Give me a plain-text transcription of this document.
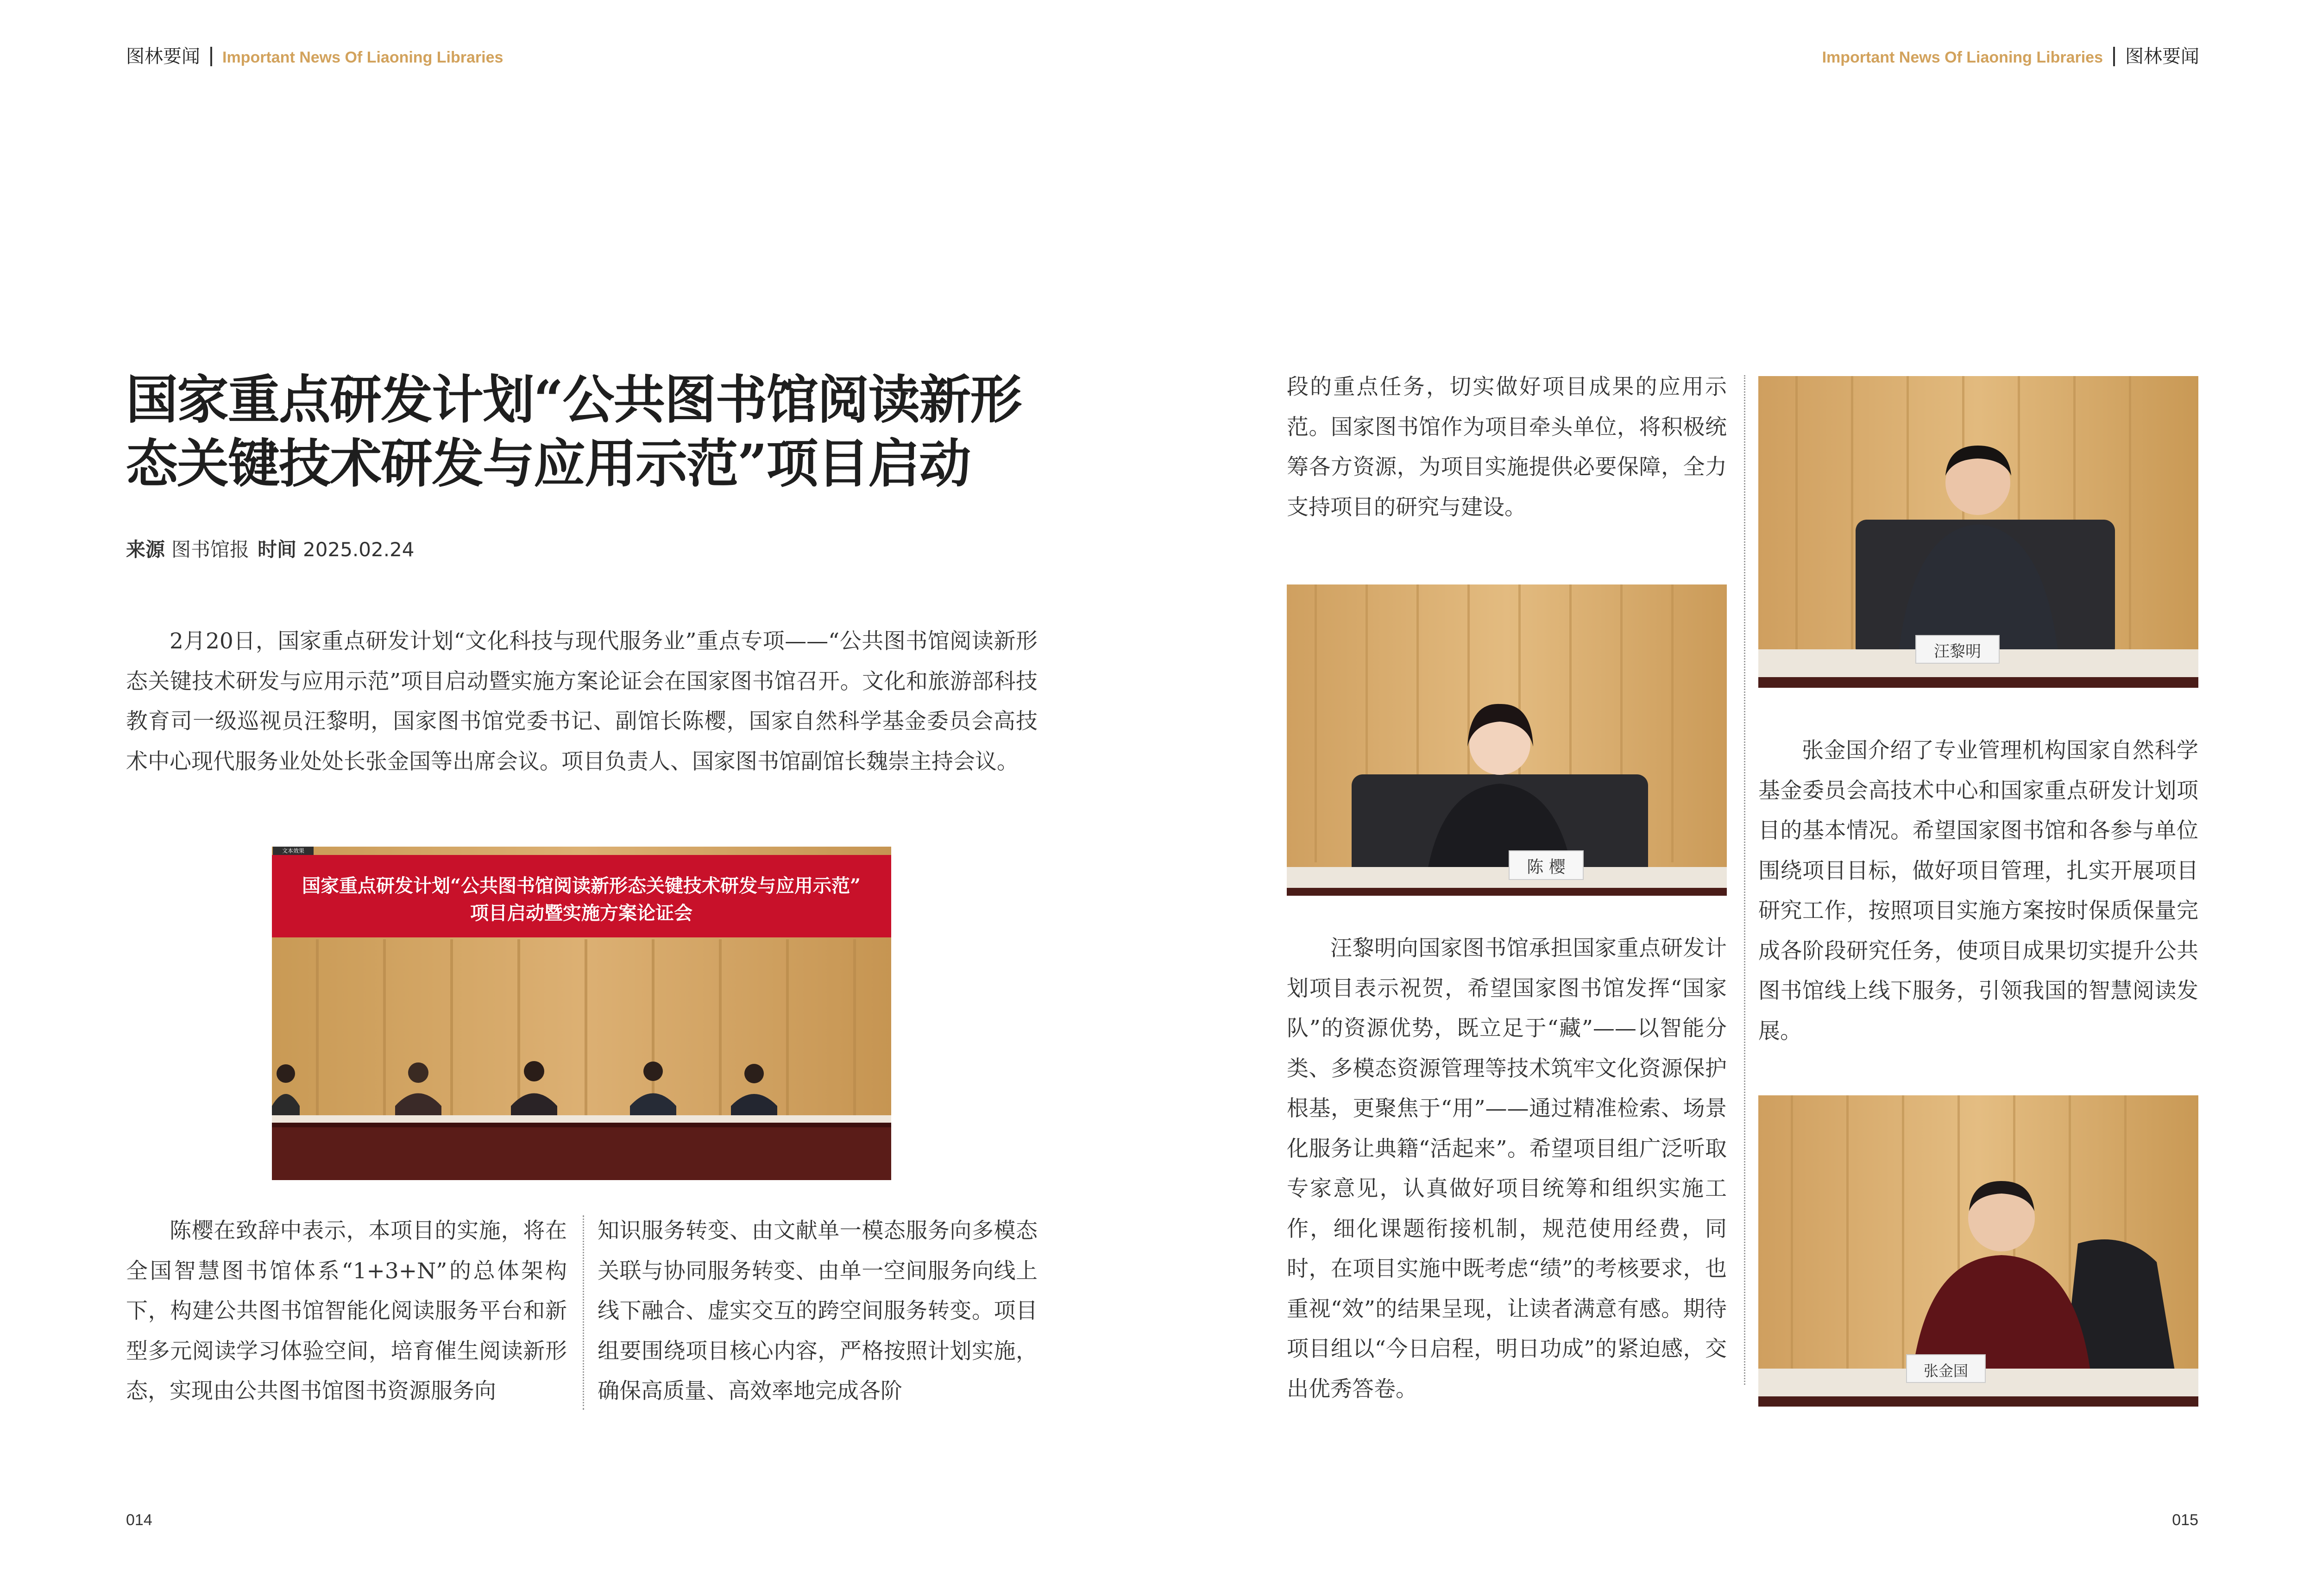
图林要闻 Important News Of Liaoning Libraries	Important News Of Liaoning Libraries 图林要闻
国家重点研发计划“公共图书馆阅读新形态关键技术研发与应用示范”项目启动
来源 图书馆报 时间 2025.02.24

2月20日，国家重点研发计划“文化科技与现代服务业”重点专项——“公共图书馆阅读新形态关键技术研发与应用示范”项目启动暨实施方案论证会在国家图书馆召开。文化和旅游部科技教育司一级巡视员汪黎明，国家图书馆党委书记、副馆长陈樱，国家自然科学基金委员会高技术中心现代服务业处处长张金国等出席会议。项目负责人、国家图书馆副馆长魏崇主持会议。

文本效果
国家重点研发计划“公共图书馆阅读新形态关键技术研发与应用示范”
项目启动暨实施方案论证会

陈樱在致辞中表示，本项目的实施，将在全国智慧图书馆体系“1+3+N”的总体架构下，构建公共图书馆智能化阅读服务平台和新型多元阅读学习体验空间，培育催生阅读新形态，实现由公共图书馆图书资源服务向

知识服务转变、由文献单一模态服务向多模态关联与协同服务转变、由单一空间服务向线上线下融合、虚实交互的跨空间服务转变。项目组要围绕项目核心内容，严格按照计划实施，确保高质量、高效率地完成各阶

段的重点任务，切实做好项目成果的应用示范。国家图书馆作为项目牵头单位，将积极统筹各方资源，为项目实施提供必要保障，全力支持项目的研究与建设。

陈 樱

汪黎明向国家图书馆承担国家重点研发计划项目表示祝贺，希望国家图书馆发挥“国家队”的资源优势，既立足于“藏”——以智能分类、多模态资源管理等技术筑牢文化资源保护根基，更聚焦于“用”——通过精准检索、场景化服务让典籍“活起来”。希望项目组广泛听取专家意见，认真做好项目统筹和组织实施工作，细化课题衔接机制，规范使用经费，同时，在项目实施中既考虑“绩”的考核要求，也重视“效”的结果呈现，让读者满意有感。期待项目组以“今日启程，明日功成”的紧迫感，交出优秀答卷。

汪黎明

张金国介绍了专业管理机构国家自然科学基金委员会高技术中心和国家重点研发计划项目的基本情况。希望国家图书馆和各参与单位围绕项目目标，做好项目管理，扎实开展项目研究工作，按照项目实施方案按时保质保量完成各阶段研究任务，使项目成果切实提升公共图书馆线上线下服务，引领我国的智慧阅读发展。

张金国
014	015
